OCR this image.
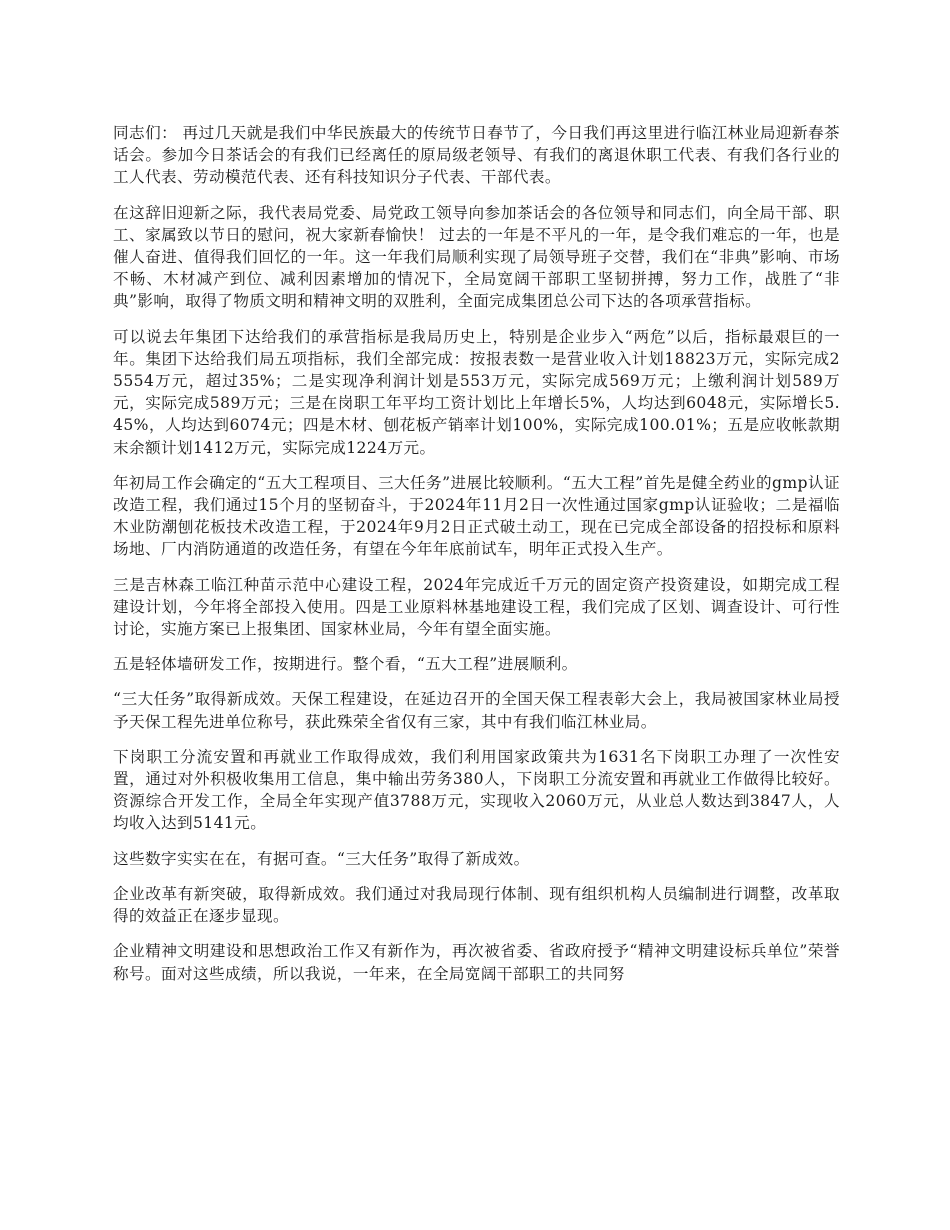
同志们： 再过几天就是我们中华民族最大的传统节日春节了，今日我们再这里进行临江林业局迎新春茶话会。参加今日茶话会的有我们已经离任的原局级老领导、有我们的离退休职工代表、有我们各行业的工人代表、劳动模范代表、还有科技知识分子代表、干部代表。

在这辞旧迎新之际，我代表局党委、局党政工领导向参加茶话会的各位领导和同志们，向全局干部、职工、家属致以节日的慰问，祝大家新春愉快！ 过去的一年是不平凡的一年，是令我们难忘的一年，也是催人奋进、值得我们回忆的一年。这一年我们局顺利实现了局领导班子交替，我们在“非典”影响、市场不畅、木材减产到位、减利因素增加的情况下，全局宽阔干部职工坚韧拼搏，努力工作，战胜了“非典”影响，取得了物质文明和精神文明的双胜利，全面完成集团总公司下达的各项承营指标。

可以说去年集团下达给我们的承营指标是我局历史上，特别是企业步入“两危”以后，指标最艰巨的一年。集团下达给我们局五项指标，我们全部完成：按报表数一是营业收入计划18823万元，实际完成25554万元，超过35%；二是实现净利润计划是553万元，实际完成569万元；上缴利润计划589万元，实际完成589万元；三是在岗职工年平均工资计划比上年增长5%，人均达到6048元，实际增长5.45%，人均达到6074元；四是木材、刨花板产销率计划100%，实际完成100.01%；五是应收帐款期末余额计划1412万元，实际完成1224万元。

年初局工作会确定的“五大工程项目、三大任务”进展比较顺利。“五大工程”首先是健全药业的gmp认证改造工程，我们通过15个月的坚韧奋斗，于2024年11月2日一次性通过国家gmp认证验收；二是福临木业防潮刨花板技术改造工程，于2024年9月2日正式破土动工，现在已完成全部设备的招投标和原料场地、厂内消防通道的改造任务，有望在今年年底前试车，明年正式投入生产。

三是吉林森工临江种苗示范中心建设工程，2024年完成近千万元的固定资产投资建设，如期完成工程建设计划，今年将全部投入使用。四是工业原料林基地建设工程，我们完成了区划、调查设计、可行性讨论，实施方案已上报集团、国家林业局，今年有望全面实施。

五是轻体墙研发工作，按期进行。整个看，“五大工程”进展顺利。

“三大任务”取得新成效。天保工程建设，在延边召开的全国天保工程表彰大会上，我局被国家林业局授予天保工程先进单位称号，获此殊荣全省仅有三家，其中有我们临江林业局。

下岗职工分流安置和再就业工作取得成效，我们利用国家政策共为1631名下岗职工办理了一次性安置，通过对外积极收集用工信息，集中输出劳务380人，下岗职工分流安置和再就业工作做得比较好。资源综合开发工作，全局全年实现产值3788万元，实现收入2060万元，从业总人数达到3847人，人均收入达到5141元。

这些数字实实在在，有据可查。“三大任务”取得了新成效。

企业改革有新突破，取得新成效。我们通过对我局现行体制、现有组织机构人员编制进行调整，改革取得的效益正在逐步显现。

企业精神文明建设和思想政治工作又有新作为，再次被省委、省政府授予“精神文明建设标兵单位”荣誉称号。面对这些成绩，所以我说，一年来，在全局宽阔干部职工的共同努
